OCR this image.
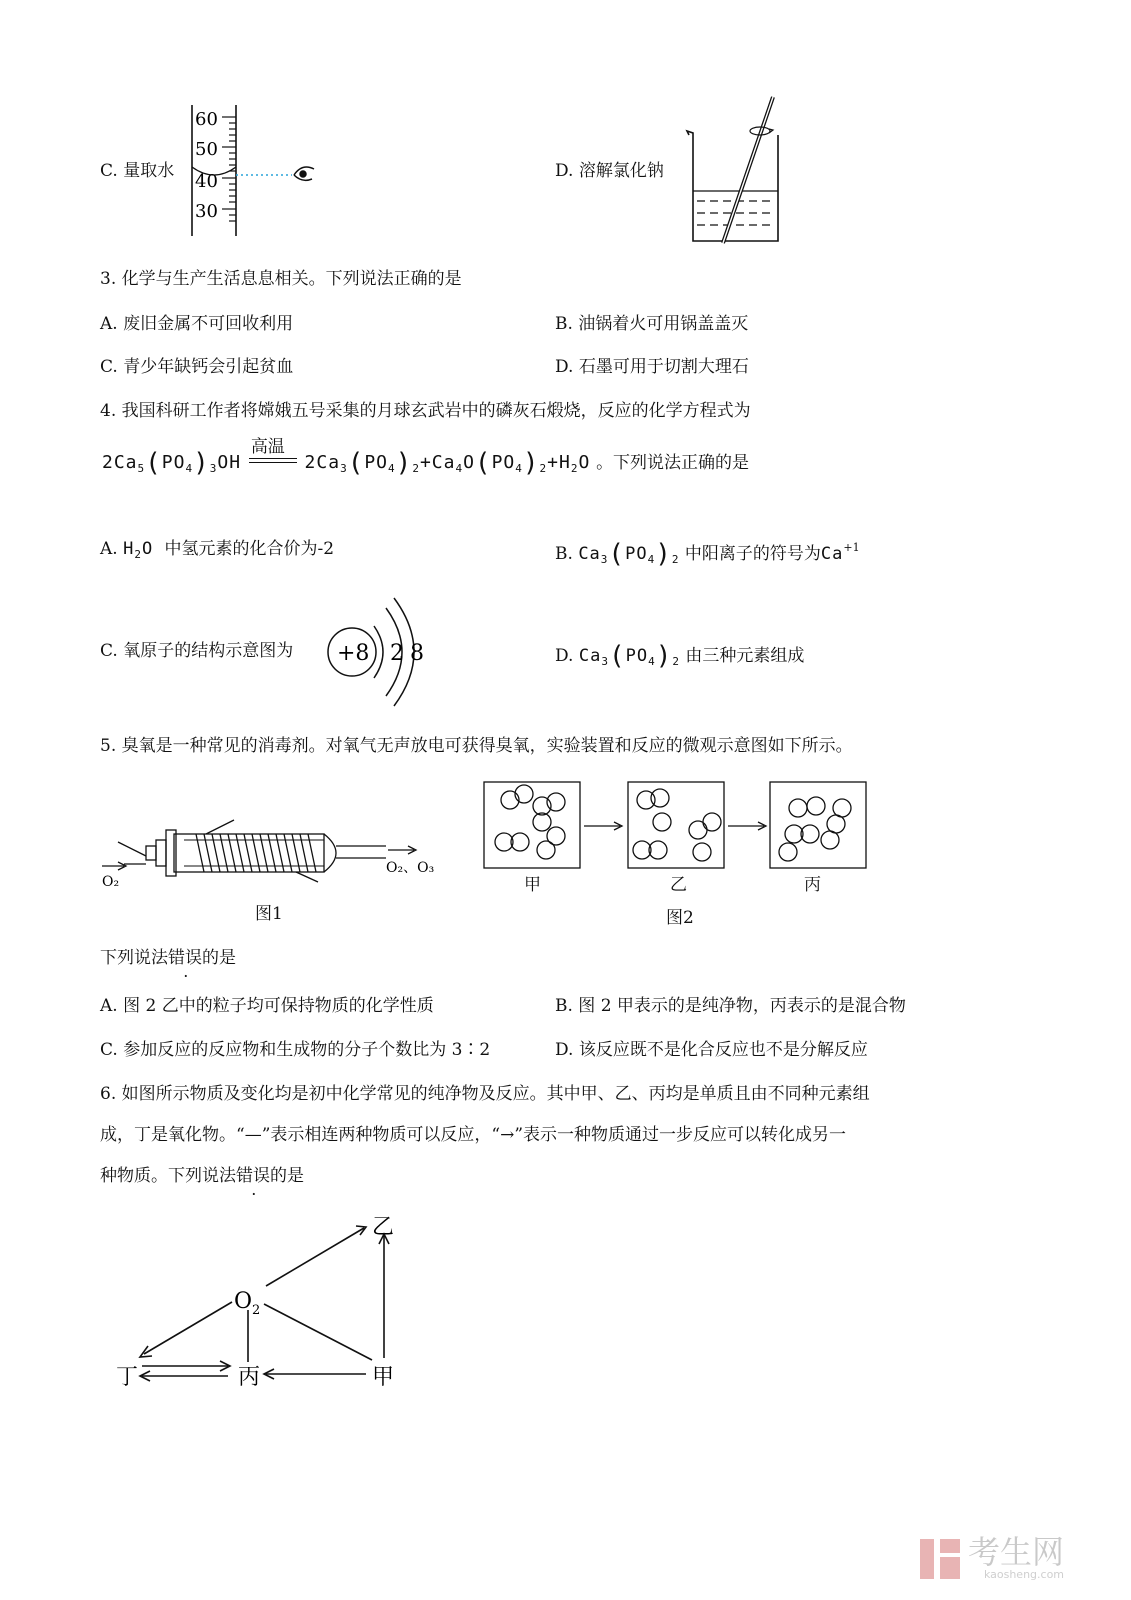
C. 量取水
60
50
40
30
D. 溶解氯化钠
3. 化学与生产生活息息相关。下列说法正确的是
A. 废旧金属不可回收利用	B. 油锅着火可用锅盖盖灭
C. 青少年缺钙会引起贫血	D. 石墨可用于切割大理石
4. 我国科研工作者将嫦娥五号采集的月球玄武岩中的磷灰石煅烧，反应的化学方程式为
$2Ca_5(PO_4)_3OH$
高温
$2Ca_3(PO_4)_2+Ca_4O(PO_4)_2+H_2O$ 。下列说法正确的是
A. $H_2O$ 中氢元素的化合价为-2	B. $Ca_3(PO_4)_2$ 中阳离子的符号为$Ca^{+1}$
C. 氧原子的结构示意图为 +8 2 8	D. $Ca_3(PO_4)_2$ 由三种元素组成
5. 臭氧是一种常见的消毒剂。对氧气无声放电可获得臭氧，实验装置和反应的微观示意图如下所示。
O₂
O₂、O₃
图1
甲	乙	丙
图2
下列说法错误的是
A. 图 2 乙中的粒子均可保持物质的化学性质	B. 图 2 甲表示的是纯净物，丙表示的是混合物
C. 参加反应的反应物和生成物的分子个数比为 3∶2	D. 该反应既不是化合反应也不是分解反应
6. 如图所示物质及变化均是初中化学常见的纯净物及反应。其中甲、乙、丙均是单质且由不同种元素组
成，丁是氧化物。“—”表示相连两种物质可以反应，“→”表示一种物质通过一步反应可以转化成另一
种物质。下列说法错误的是
乙
$O_2$
丁	丙	甲
考生网
kaosheng.com
